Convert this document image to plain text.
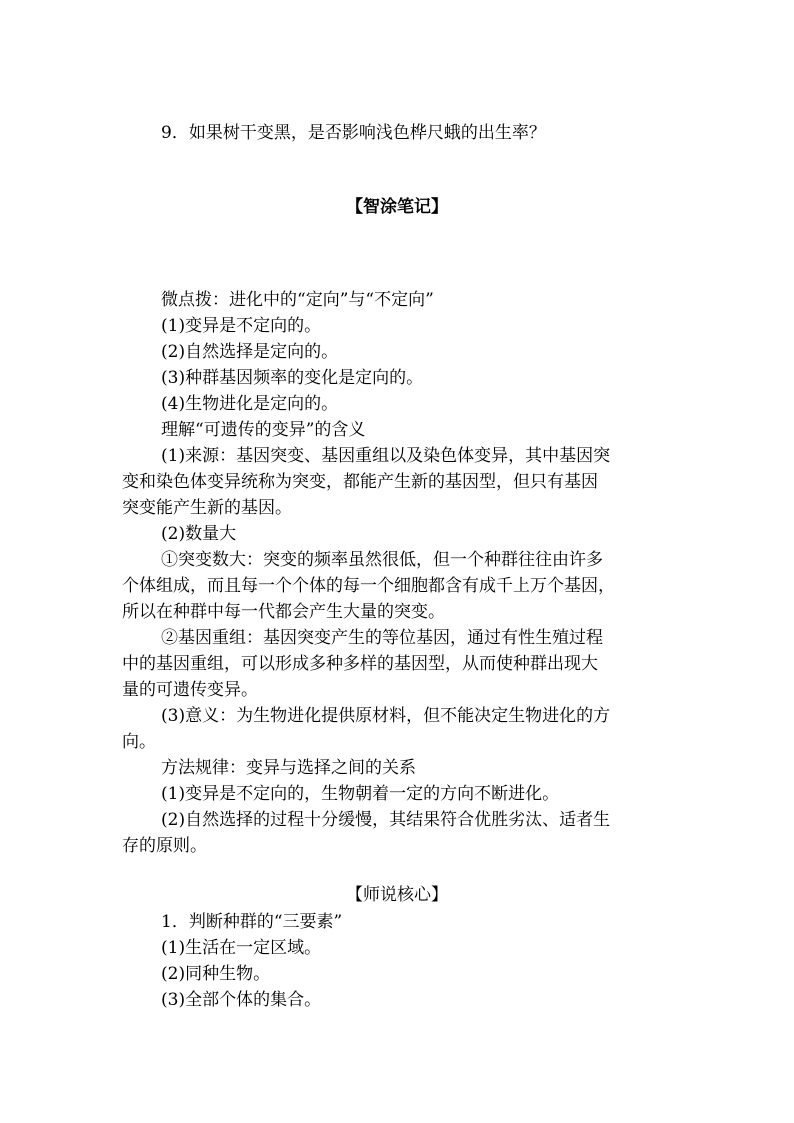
9．如果树干变黑，是否影响浅色桦尺蛾的出生率？
【智涂笔记】
微点拨：进化中的“定向”与“不定向”
(1)变异是不定向的。
(2)自然选择是定向的。
(3)种群基因频率的变化是定向的。
(4)生物进化是定向的。
理解“可遗传的变异”的含义
(1)来源：基因突变、基因重组以及染色体变异，其中基因突
变和染色体变异统称为突变，都能产生新的基因型，但只有基因
突变能产生新的基因。
(2)数量大
①突变数大：突变的频率虽然很低，但一个种群往往由许多
个体组成，而且每一个个体的每一个细胞都含有成千上万个基因，
所以在种群中每一代都会产生大量的突变。
②基因重组：基因突变产生的等位基因，通过有性生殖过程
中的基因重组，可以形成多种多样的基因型，从而使种群出现大
量的可遗传变异。
(3)意义：为生物进化提供原材料，但不能决定生物进化的方
向。
方法规律：变异与选择之间的关系
(1)变异是不定向的，生物朝着一定的方向不断进化。
(2)自然选择的过程十分缓慢，其结果符合优胜劣汰、适者生
存的原则。
【师说核心】
1．判断种群的“三要素”
(1)生活在一定区域。
(2)同种生物。
(3)全部个体的集合。
